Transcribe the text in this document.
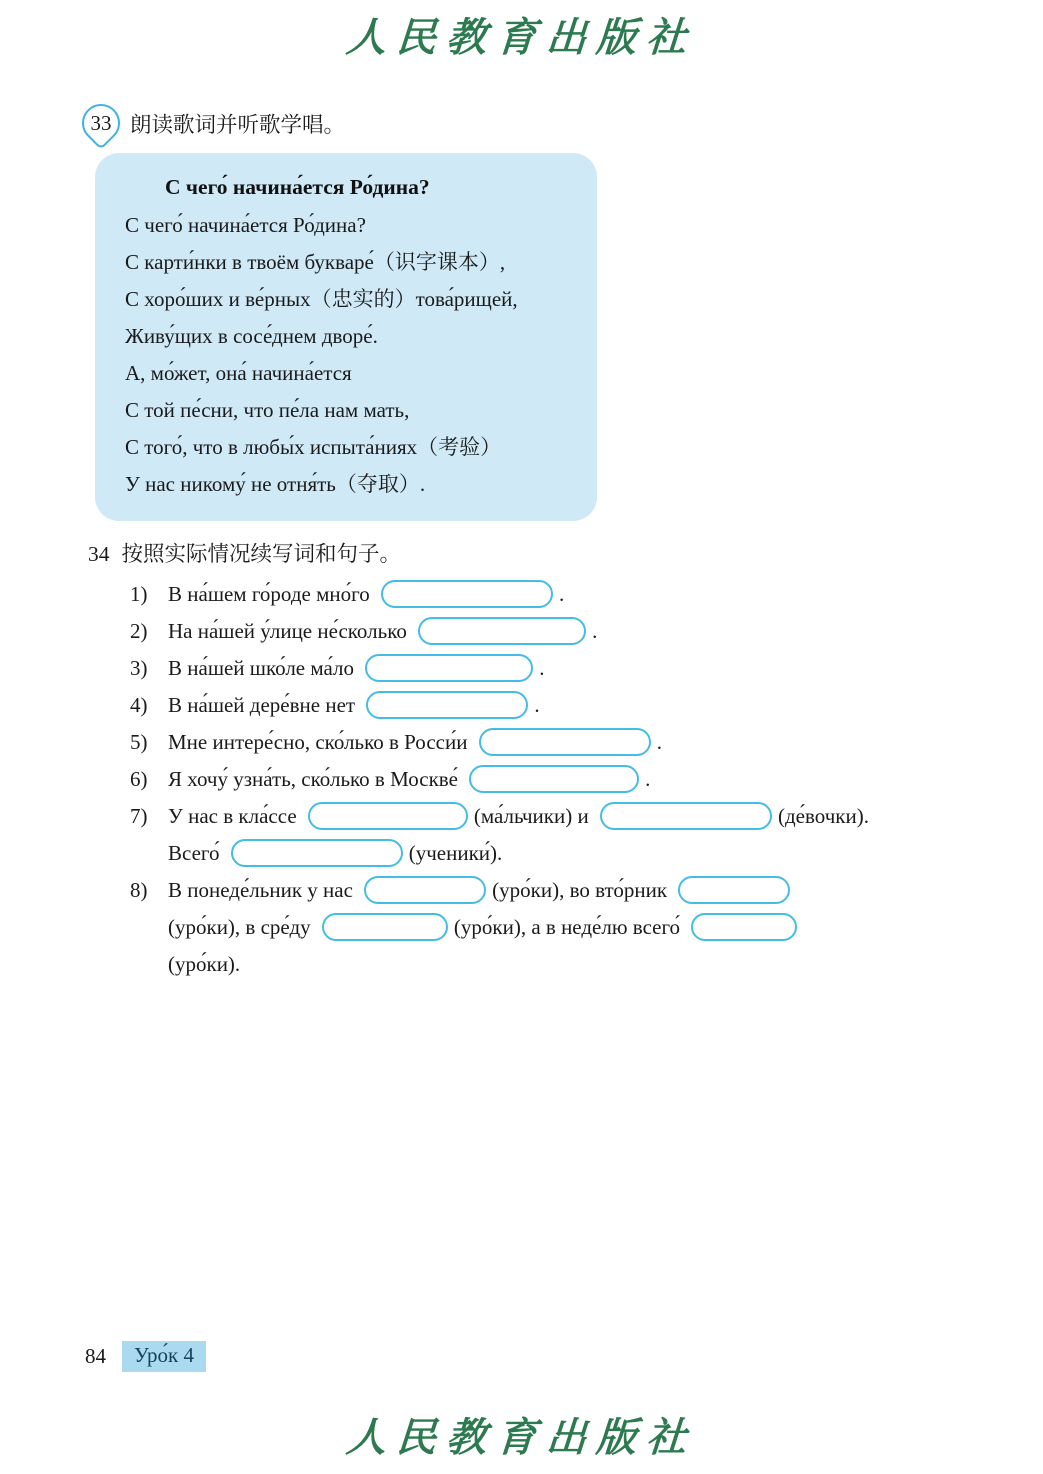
人民教育出版社
33 朗读歌词并听歌学唱。
С чего́ начина́ется Ро́дина?
С чего́ начина́ется Ро́дина?
С карти́нки в твоём букваре́（识字课本）,
С хоро́ших и ве́рных（忠实的）това́рищей,
Живу́щих в сосе́днем дворе́.
А, мо́жет, она́ начина́ется
С той пе́сни, что пе́ла нам мать,
С того́, что в любы́х испыта́ниях（考验）
У нас никому́ не отня́ть（夺取）.
34 按照实际情况续写词和句子。
1) В на́шем го́роде мно́го	.
2) На на́шей у́лице не́сколько	.
3) В на́шей шко́ле ма́ло	.
4) В на́шей дере́вне нет	.
5) Мне интере́сно, ско́лько в Росси́и	.
6) Я хочу́ узна́ть, ско́лько в Москве́	.
7) У нас в кла́ссе	(ма́льчики) и	(де́вочки).
Всего́	(ученики́).
8) В понеде́льник у нас	(уро́ки), во вто́рник
(уро́ки), в сре́ду	(уро́ки), а в неде́лю всего́
(уро́ки).
84	Уро́к 4
人民教育出版社
